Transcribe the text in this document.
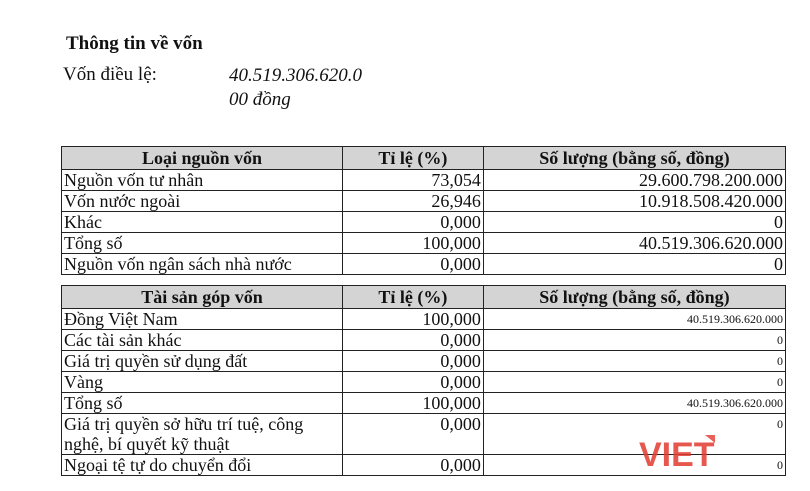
Thông tin về vốn
Vốn điều lệ:	40.519.306.620.0
00 đồng
Loại nguồn vốn	Tỉ lệ (%)	Số lượng (bằng số, đồng)
Nguồn vốn tư nhân	73,054	29.600.798.200.000
Vốn nước ngoài	26,946	10.918.508.420.000
Khác	0,000	0
Tổng số	100,000	40.519.306.620.000
Nguồn vốn ngân sách nhà nước	0,000	0
Tài sản góp vốn	Tỉ lệ (%)	Số lượng (bằng số, đồng)
Đồng Việt Nam	100,000	40.519.306.620.000
Các tài sản khác	0,000	0
Giá trị quyền sử dụng đất	0,000	0
Vàng	0,000	0
Tổng số	100,000	40.519.306.620.000
Giá trị quyền sở hữu trí tuệ, công nghệ, bí quyết kỹ thuật	0,000	0
Ngoại tệ tự do chuyển đổi	0,000	0
VIET
